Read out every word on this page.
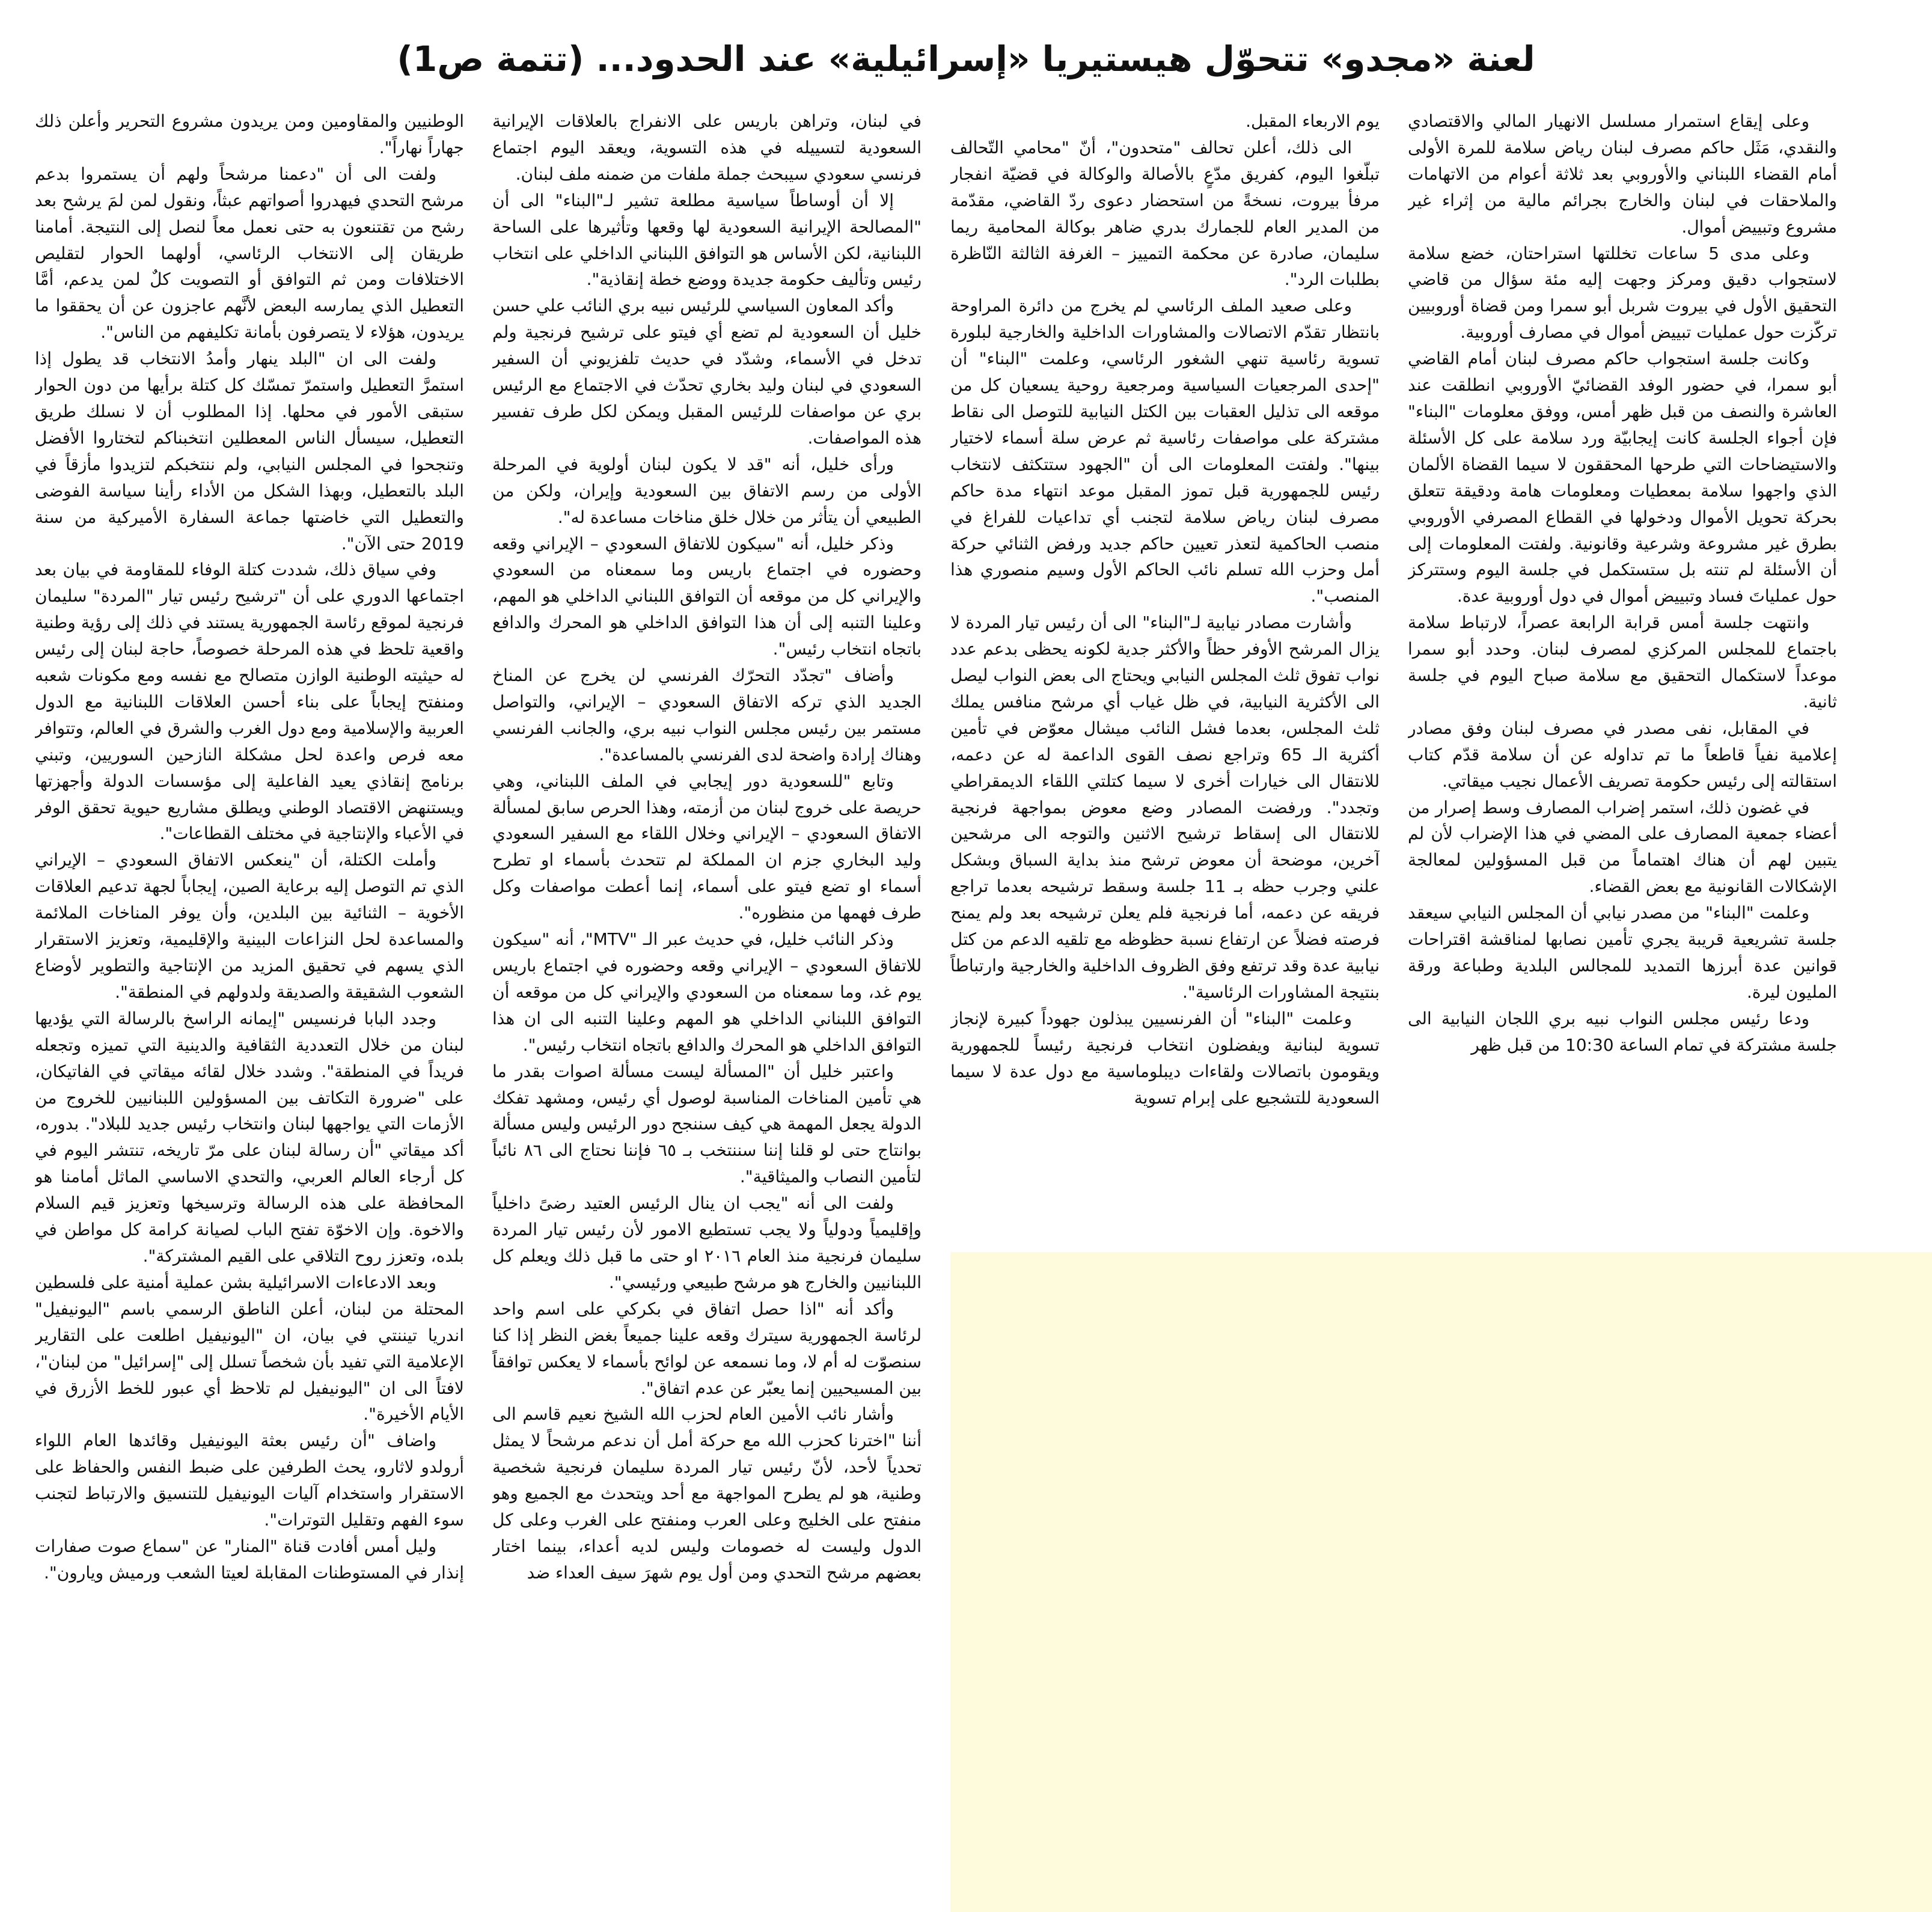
لعنة «مجدو» تتحوّل هيستيريا «إسرائيلية» عند الحدود... (تتمة ص1)

وعلى إيقاع استمرار مسلسل الانهيار المالي والاقتصادي والنقدي، مَثَل حاكم مصرف لبنان رياض سلامة للمرة الأولى أمام القضاء اللبناني والأوروبي بعد ثلاثة أعوام من الاتهامات والملاحقات في لبنان والخارج بجرائم مالية من إثراء غير مشروع وتبييض أموال.

وعلى مدى 5 ساعات تخللتها استراحتان، خضع سلامة لاستجواب دقيق ومركز وجهت إليه مئة سؤال من قاضي التحقيق الأول في بيروت شربل أبو سمرا ومن قضاة أوروبيين تركّزت حول عمليات تبييض أموال في مصارف أوروبية.

وكانت جلسة استجواب حاكم مصرف لبنان أمام القاضي أبو سمرا، في حضور الوفد القضائيّ الأوروبي انطلقت عند العاشرة والنصف من قبل ظهر أمس، ووفق معلومات "البناء" فإن أجواء الجلسة كانت إيجابيّة ورد سلامة على كل الأسئلة والاستيضاحات التي طرحها المحققون لا سيما القضاة الألمان الذي واجهوا سلامة بمعطيات ومعلومات هامة ودقيقة تتعلق بحركة تحويل الأموال ودخولها في القطاع المصرفي الأوروبي بطرق غير مشروعة وشرعية وقانونية. ولفتت المعلومات إلى أن الأسئلة لم تنته بل ستستكمل في جلسة اليوم وستتركز حول عملياتَ فساد وتبييض أموال في دول أوروبية عدة.

وانتهت جلسة أمس قرابة الرابعة عصراً، لارتباط سلامة باجتماع للمجلس المركزي لمصرف لبنان. وحدد أبو سمرا موعداً لاستكمال التحقيق مع سلامة صباح اليوم في جلسة ثانية.

في المقابل، نفى مصدر في مصرف لبنان وفق مصادر إعلامية نفياً قاطعاً ما تم تداوله عن أن سلامة قدّم كتاب استقالته إلى رئيس حكومة تصريف الأعمال نجيب ميقاتي.

في غضون ذلك، استمر إضراب المصارف وسط إصرار من أعضاء جمعية المصارف على المضي في هذا الإضراب لأن لم يتبين لهم أن هناك اهتماماً من قبل المسؤولين لمعالجة الإشكالات القانونية مع بعض القضاء.

وعلمت "البناء" من مصدر نيابي أن المجلس النيابي سيعقد جلسة تشريعية قريبة يجري تأمين نصابها لمناقشة اقتراحات قوانين عدة أبرزها التمديد للمجالس البلدية وطباعة ورقة المليون ليرة.

ودعا رئيس مجلس النواب نبيه بري اللجان النيابية الى جلسة مشتركة في تمام الساعة 10:30 من قبل ظهر

يوم الاربعاء المقبل.

الى ذلك، أعلن تحالف "متحدون"، أنّ "محامي التّحالف تبلّغوا اليوم، كفريق مدّعٍ بالأصالة والوكالة في قضيّة انفجار مرفأ بيروت، نسخةً من استحضار دعوى ردّ القاضي، مقدّمة من المدير العام للجمارك بدري ضاهر بوكالة المحامية ريما سليمان، صادرة عن محكمة التمييز – الغرفة الثالثة النّاظرة بطلبات الرد".

وعلى صعيد الملف الرئاسي لم يخرج من دائرة المراوحة بانتظار تقدّم الاتصالات والمشاورات الداخلية والخارجية لبلورة تسوية رئاسية تنهي الشغور الرئاسي، وعلمت "البناء" أن "إحدى المرجعيات السياسية ومرجعية روحية يسعيان كل من موقعه الى تذليل العقبات بين الكتل النيابية للتوصل الى نقاط مشتركة على مواصفات رئاسية ثم عرض سلة أسماء لاختيار بينها". ولفتت المعلومات الى أن "الجهود ستتكثف لانتخاب رئيس للجمهورية قبل تموز المقبل موعد انتهاء مدة حاكم مصرف لبنان رياض سلامة لتجنب أي تداعيات للفراغ في منصب الحاكمية لتعذر تعيين حاكم جديد ورفض الثنائي حركة أمل وحزب الله تسلم نائب الحاكم الأول وسيم منصوري هذا المنصب".

وأشارت مصادر نيابية لـ"البناء" الى أن رئيس تيار المردة لا يزال المرشح الأوفر حظاً والأكثر جدية لكونه يحظى بدعم عدد نواب تفوق ثلث المجلس النيابي ويحتاج الى بعض النواب ليصل الى الأكثرية النيابية، في ظل غياب أي مرشح منافس يملك ثلث المجلس، بعدما فشل النائب ميشال معوّض في تأمين أكثرية الـ 65 وتراجع نصف القوى الداعمة له عن دعمه، للانتقال الى خيارات أخرى لا سيما كتلتي اللقاء الديمقراطي وتجدد". ورفضت المصادر وضع معوض بمواجهة فرنجية للانتقال الى إسقاط ترشيح الاثنين والتوجه الى مرشحين آخرين، موضحة أن معوض ترشح منذ بداية السباق وبشكل علني وجرب حظه بـ 11 جلسة وسقط ترشيحه بعدما تراجع فريقه عن دعمه، أما فرنجية فلم يعلن ترشيحه بعد ولم يمنح فرصته فضلاً عن ارتفاع نسبة حظوظه مع تلقيه الدعم من كتل نيابية عدة وقد ترتفع وفق الظروف الداخلية والخارجية وارتباطاً بنتيجة المشاورات الرئاسية".

وعلمت "البناء" أن الفرنسيين يبذلون جهوداً كبيرة لإنجاز تسوية لبنانية ويفضلون انتخاب فرنجية رئيساً للجمهورية ويقومون باتصالات ولقاءات ديبلوماسية مع دول عدة لا سيما السعودية للتشجيع على إبرام تسوية

في لبنان، وتراهن باريس على الانفراج بالعلاقات الإيرانية السعودية لتسييله في هذه التسوية، ويعقد اليوم اجتماع فرنسي سعودي سيبحث جملة ملفات من ضمنه ملف لبنان.

إلا أن أوساطاً سياسية مطلعة تشير لـ"البناء" الى أن "المصالحة الإيرانية السعودية لها وقعها وتأثيرها على الساحة اللبنانية، لكن الأساس هو التوافق اللبناني الداخلي على انتخاب رئيس وتأليف حكومة جديدة ووضع خطة إنقاذية".

وأكد المعاون السياسي للرئيس نبيه بري النائب علي حسن خليل أن السعودية لم تضع أي فيتو على ترشيح فرنجية ولم تدخل في الأسماء، وشدّد في حديث تلفزيوني أن السفير السعودي في لبنان وليد بخاري تحدّث في الاجتماع مع الرئيس بري عن مواصفات للرئيس المقبل ويمكن لكل طرف تفسير هذه المواصفات.

ورأى خليل، أنه "قد لا يكون لبنان أولوية في المرحلة الأولى من رسم الاتفاق بين السعودية وإيران، ولكن من الطبيعي أن يتأثر من خلال خلق مناخات مساعدة له".

وذكر خليل، أنه "سيكون للاتفاق السعودي – الإيراني وقعه وحضوره في اجتماع باريس وما سمعناه من السعودي والإيراني كل من موقعه أن التوافق اللبناني الداخلي هو المهم، وعلينا التنبه إلى أن هذا التوافق الداخلي هو المحرك والدافع باتجاه انتخاب رئيس".

وأضاف "تجدّد التحرّك الفرنسي لن يخرج عن المناخ الجديد الذي تركه الاتفاق السعودي – الإيراني، والتواصل مستمر بين رئيس مجلس النواب نبيه بري، والجانب الفرنسي وهناك إرادة واضحة لدى الفرنسي بالمساعدة".

وتابع "للسعودية دور إيجابي في الملف اللبناني، وهي حريصة على خروج لبنان من أزمته، وهذا الحرص سابق لمسألة الاتفاق السعودي – الإيراني وخلال اللقاء مع السفير السعودي وليد البخاري جزم ان المملكة لم تتحدث بأسماء او تطرح أسماء او تضع فيتو على أسماء، إنما أعطت مواصفات وكل طرف فهمها من منظوره".

وذكر النائب خليل، في حديث عبر الـ "MTV"، أنه "سيكون للاتفاق السعودي – الإيراني وقعه وحضوره في اجتماع باريس يوم غد، وما سمعناه من السعودي والإيراني كل من موقعه أن التوافق اللبناني الداخلي هو المهم وعلينا التنبه الى ان هذا التوافق الداخلي هو المحرك والدافع باتجاه انتخاب رئيس".

واعتبر خليل أن "المسألة ليست مسألة اصوات بقدر ما هي تأمين المناخات المناسبة لوصول أي رئيس، ومشهد تفكك الدولة يجعل المهمة هي كيف سننجح دور الرئيس وليس مسألة بوانتاج حتى لو قلنا إننا سننتخب بـ ٦٥ فإننا نحتاج الى ٨٦ نائباً لتأمين النصاب والميثاقية".

ولفت الى أنه "يجب ان ينال الرئيس العتيد رضىً داخلياً وإقليمياً ودولياً ولا يجب تستطيع الامور لأن رئيس تيار المردة سليمان فرنجية منذ العام ٢٠١٦ او حتى ما قبل ذلك ويعلم كل اللبنانيين والخارج هو مرشح طبيعي ورئيسي".

وأكد أنه "اذا حصل اتفاق في بكركي على اسم واحد لرئاسة الجمهورية سيترك وقعه علينا جميعاً بغض النظر إذا كنا سنصوّت له أم لا، وما نسمعه عن لوائح بأسماء لا يعكس توافقاً بين المسيحيين إنما يعبّر عن عدم اتفاق".

وأشار نائب الأمين العام لحزب الله الشيخ نعيم قاسم الى أننا "اخترنا كحزب الله مع حركة أمل أن ندعم مرشحاً لا يمثل تحدياً لأحد، لأنّ رئيس تيار المردة سليمان فرنجية شخصية وطنية، هو لم يطرح المواجهة مع أحد ويتحدث مع الجميع وهو منفتح على الخليج وعلى العرب ومنفتح على الغرب وعلى كل الدول وليست له خصومات وليس لديه أعداء، بينما اختار بعضهم مرشح التحدي ومن أول يوم شهرَ سيف العداء ضد

الوطنيين والمقاومين ومن يريدون مشروع التحرير وأعلن ذلك جهاراً نهاراً".

ولفت الى أن "دعمنا مرشحاً ولهم أن يستمروا بدعم مرشح التحدي فيهدروا أصواتهم عبثاً، ونقول لمن لمَ يرشح بعد رشح من تقتنعون به حتى نعمل معاً لنصل إلى النتيجة. أمامنا طريقان إلى الانتخاب الرئاسي، أولهما الحوار لتقليص الاختلافات ومن ثم التوافق أو التصويت كلٌ لمن يدعم، أمَّا التعطيل الذي يمارسه البعض لأنَّهم عاجزون عن أن يحققوا ما يريدون، هؤلاء لا يتصرفون بأمانة تكليفهم من الناس".

ولفت الى ان "البلد ينهار وأمدُ الانتخاب قد يطول إذا استمرَّ التعطيل واستمرّ تمسّك كل كتلة برأيها من دون الحوار ستبقى الأمور في محلها. إذا المطلوب أن لا نسلك طريق التعطيل، سيسأل الناس المعطلين انتخبناكم لتختاروا الأفضل وتنجحوا في المجلس النيابي، ولم ننتخبكم لتزيدوا مأزقاً في البلد بالتعطيل، وبهذا الشكل من الأداء رأينا سياسة الفوضى والتعطيل التي خاضتها جماعة السفارة الأميركية من سنة 2019 حتى الآن".

وفي سياق ذلك، شددت كتلة الوفاء للمقاومة في بيان بعد اجتماعها الدوري على أن "ترشيح رئيس تيار "المردة" سليمان فرنجية لموقع رئاسة الجمهورية يستند في ذلك إلى رؤية وطنية واقعية تلحظ في هذه المرحلة خصوصاً، حاجة لبنان إلى رئيس له حيثيته الوطنية الوازن متصالح مع نفسه ومع مكونات شعبه ومنفتح إيجاباً على بناء أحسن العلاقات اللبنانية مع الدول العربية والإسلامية ومع دول الغرب والشرق في العالم، وتتوافر معه فرص واعدة لحل مشكلة النازحين السوريين، وتبني برنامج إنقاذي يعيد الفاعلية إلى مؤسسات الدولة وأجهزتها ويستنهض الاقتصاد الوطني ويطلق مشاريع حيوية تحقق الوفر في الأعباء والإنتاجية في مختلف القطاعات".

وأملت الكتلة، أن "ينعكس الاتفاق السعودي – الإيراني الذي تم التوصل إليه برعاية الصين، إيجاباً لجهة تدعيم العلاقات الأخوية – الثنائية بين البلدين، وأن يوفر المناخات الملائمة والمساعدة لحل النزاعات البينية والإقليمية، وتعزيز الاستقرار الذي يسهم في تحقيق المزيد من الإنتاجية والتطوير لأوضاع الشعوب الشقيقة والصديقة ولدولهم في المنطقة".

وجدد البابا فرنسيس "إيمانه الراسخ بالرسالة التي يؤديها لبنان من خلال التعددية الثقافية والدينية التي تميزه وتجعله فريداً في المنطقة". وشدد خلال لقائه ميقاتي في الفاتيكان، على "ضرورة التكاتف بين المسؤولين اللبنانيين للخروج من الأزمات التي يواجهها لبنان وانتخاب رئيس جديد للبلاد". بدوره، أكد ميقاتي "أن رسالة لبنان على مرّ تاريخه، تنتشر اليوم في كل أرجاء العالم العربي، والتحدي الاساسي الماثل أمامنا هو المحافظة على هذه الرسالة وترسيخها وتعزيز قيم السلام والاخوة. وإن الاخوّة تفتح الباب لصيانة كرامة كل مواطن في بلده، وتعزز روح التلاقي على القيم المشتركة".

وبعد الادعاءات الاسرائيلية بشن عملية أمنية على فلسطين المحتلة من لبنان، أعلن الناطق الرسمي باسم "اليونيفيل" اندريا تيننتي في بيان، ان "اليونيفيل اطلعت على التقارير الإعلامية التي تفيد بأن شخصاً تسلل إلى "إسرائيل" من لبنان"، لافتاً الى ان "اليونيفيل لم تلاحظ أي عبور للخط الأزرق في الأيام الأخيرة".

واضاف "أن رئيس بعثة اليونيفيل وقائدها العام اللواء أرولدو لاثارو، يحث الطرفين على ضبط النفس والحفاظ على الاستقرار واستخدام آليات اليونيفيل للتنسيق والارتباط لتجنب سوء الفهم وتقليل التوترات".

وليل أمس أفادت قناة "المنار" عن "سماع صوت صفارات إنذار في المستوطنات المقابلة لعيتا الشعب ورميش ويارون".
